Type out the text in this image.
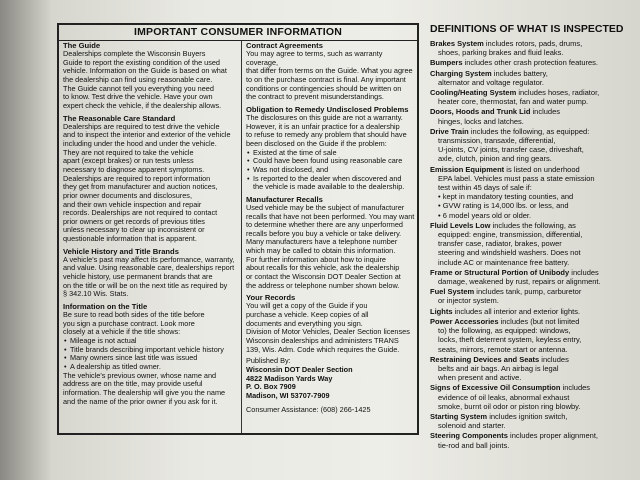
IMPORTANT CONSUMER INFORMATION
The Guide

Dealerships complete the Wisconsin Buyers

Guide to report the existing condition of the used

vehicle. Information on the Guide is based on what

the dealership can find using reasonable care.

The Guide cannot tell you everything you need

to know. Test drive the vehicle. Have your own

expert check the vehicle, if the dealership allows.

The Reasonable Care Standard

Dealerships are required to test drive the vehicle

and to inspect the interior and exterior of the vehicle

including under the hood and under the vehicle.

They are not required to take the vehicle

apart (except brakes) or run tests unless

necessary to diagnose apparent symptoms.

Dealerships are required to report information

they get from manufacturer and auction notices,

prior owner documents and disclosures,

and their own vehicle inspection and repair

records. Dealerships are not required to contact

prior owners or get records of previous titles

unless necessary to clear up inconsistent or

questionable information that is apparent.

Vehicle History and Title Brands

A vehicle's past may affect its performance, warranty,

and value. Using reasonable care, dealerships report

vehicle history, use permanent brands that are

on the title or will be on the next title as required by

§ 342.10 Wis. Stats.

Information on the Title

Be sure to read both sides of the title before

you sign a purchase contract. Look more

closely at a vehicle if the title shows:

• Mileage is not actual
• Title brands describing important vehicle history
• Many owners since last title was issued
• A dealership as titled owner.

The vehicle's previous owner, whose name and

address are on the title, may provide useful

information. The dealership will give you the name

and the name of the prior owner if you ask for it.

Contract Agreements

You may agree to terms, such as warranty coverage,

that differ from terms on the Guide. What you agree

to on the purchase contract is final. Any important

conditions or contingencies should be written on

the contract to prevent misunderstandings.

Obligation to Remedy Undisclosed Problems

The disclosures on this guide are not a warranty.

However, it is an unfair practice for a dealership

to refuse to remedy any problem that should have

been disclosed on the Guide if the problem:

• Existed at the time of sale
• Could have been found using reasonable care
• Was not disclosed, and
• Is reported to the dealer when discovered and

the vehicle is made available to the dealership.

Manufacturer Recalls

Used vehicle may be the subject of manufacturer

recalls that have not been performed. You may want

to determine whether there are any unperformed

recalls before you buy a vehicle or take delivery.

Many manufacturers have a telephone number

which may be called to obtain this information.

For further information about how to inquire

about recalls for this vehicle, ask the dealership

or contact the Wisconsin DOT Dealer Section at

the address or telephone number shown below.

Your Records

You will get a copy of the Guide if you

purchase a vehicle. Keep copies of all

documents and everything you sign.

Division of Motor Vehicles, Dealer Section licenses

Wisconsin dealerships and administers TRANS

139, Wis. Adm. Code which requires the Guide.

Published By:

Wisconsin DOT Dealer Section

4822 Madison Yards Way

P. O. Box 7909

Madison, WI 53707-7909

Consumer Assistance: (608) 266-1425

DEFINITIONS OF WHAT IS INSPECTED
Brakes System includes rotors, pads, drums,
shoes, parking brakes and fluid leaks.
Bumpers includes other crash protection features.
Charging System includes battery,
alternator and voltage regulator.
Cooling/Heating System includes hoses, radiator,
heater core, thermostat, fan and water pump.
Doors, Hoods and Trunk Lid includes
hinges, locks and latches.
Drive Train includes the following, as equipped:
transmission, transaxle, differential,
U-joints, CV joints, transfer case, driveshaft,
axle, clutch, pinion and ring gears.
Emission Equipment is listed on underhood
EPA label. Vehicles must pass a state emission
test within 45 days of sale if:
• kept in mandatory testing counties, and
• GVW rating is 14,000 lbs. or less, and
• 6 model years old or older.
Fluid Levels Low includes the following, as
equipped: engine, transmission, differential,
transfer case, radiator, brakes, power
steering and windshield washers. Does not
include AC or maintenance free battery.
Frame or Structural Portion of Unibody includes
damage, weakened by rust, repairs or alignment.
Fuel System includes tank, pump, carburetor
or injector system.
Lights includes all interior and exterior lights.
Power Accessories includes (but not limited
to) the following, as equipped: windows,
locks, theft deterrent system, keyless entry,
seats, mirrors, remote start or antenna.
Restraining Devices and Seats includes
belts and air bags. An airbag is legal
when present and active.
Signs of Excessive Oil Consumption includes
evidence of oil leaks, abnormal exhaust
smoke, burnt oil odor or piston ring blowby.
Starting System includes ignition switch,
solenoid and starter.
Steering Components includes proper alignment,
tie-rod and ball joints.
